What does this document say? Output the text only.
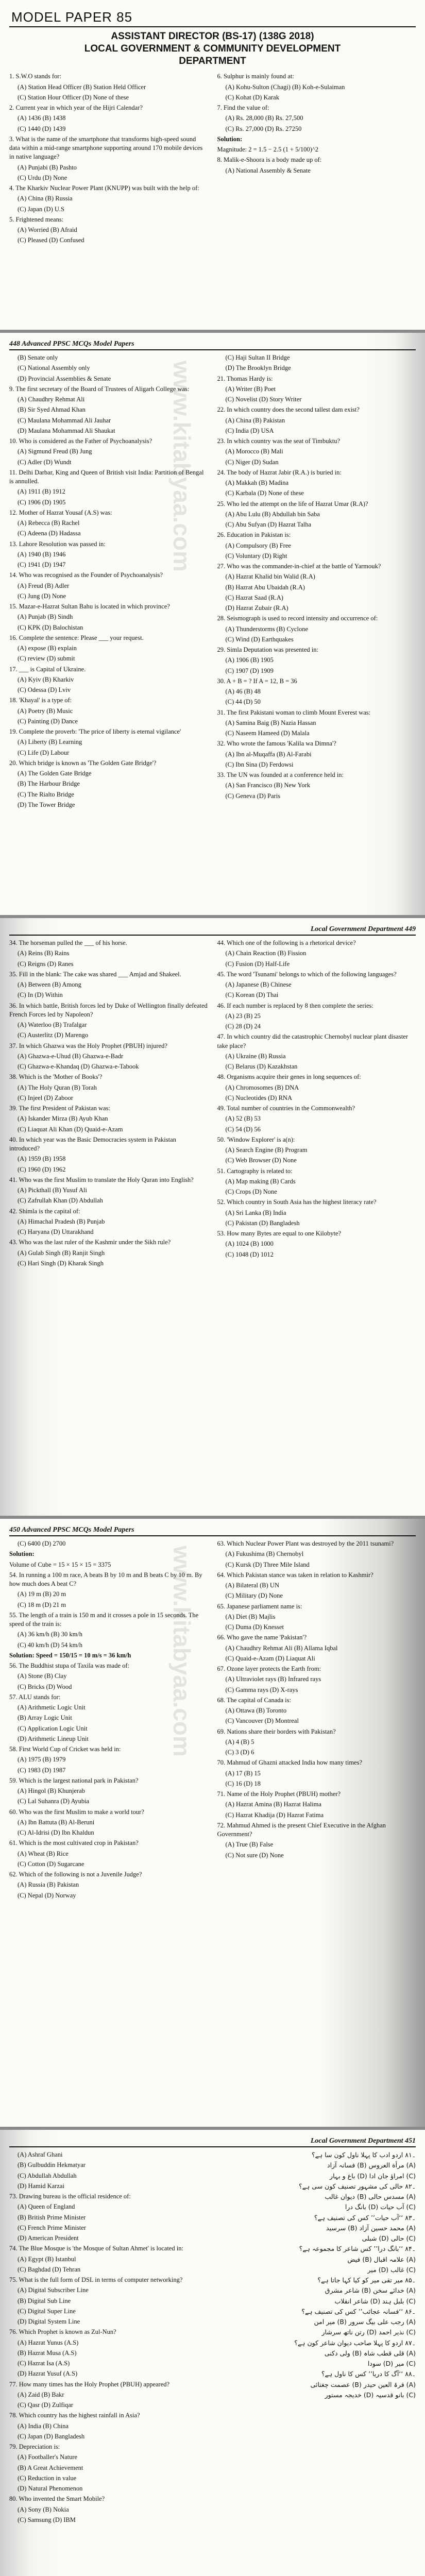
MODEL PAPER 85
ASSISTANT DIRECTOR (BS-17) (138G 2018)
LOCAL GOVERNMENT & COMMUNITY DEVELOPMENT
DEPARTMENT
1. S.W.O stands for:
(A) Station Head Officer (B) Station Held Officer
(C) Station Hour Officer (D) None of these
2. Current year in which year of the Hijri Calendar?
(A) 1436 (B) 1438
(C) 1440 (D) 1439
3. What is the name of the smartphone that transforms high-speed sound data within a mid-range smartphone supporting around 170 mobile devices in native language?
(A) Punjabi (B) Pashto
(C) Urdu (D) None
4. The Kharkiv Nuclear Power Plant (KNUPP) was built with the help of:
(A) China (B) Russia
(C) Japan (D) U.S
5. Frightened means:
(A) Worried (B) Afraid
(C) Pleased (D) Confused
6. Sulphur is mainly found at:
(A) Kohu-Sulton (Chagi) (B) Koh-e-Sulaiman
(C) Kohat (D) Karak
7. Find the value of:
(A) Rs. 28,000 (B) Rs. 27,500
(C) Rs. 27,000 (D) Rs. 27250
Solution:
Magnitude: 2 = 1.5 − 2.5 (1 + 5/100)^2
8. Malik-e-Shoora is a body made up of:
(A) National Assembly & Senate
448 Advanced PPSC MCQs Model Papers
(B) Senate only
(C) National Assembly only
(D) Provincial Assemblies & Senate
9. The first secretary of the Board of Trustees of Aligarh College was:
(A) Chaudhry Rehmat Ali
(B) Sir Syed Ahmad Khan
(C) Maulana Mohammad Ali Jauhar
(D) Maulana Mohammad Ali Shaukat
10. Who is considered as the Father of Psychoanalysis?
(A) Sigmund Freud (B) Jung
(C) Adler (D) Wundt
11. Delhi Darbar, King and Queen of British visit India: Partition of Bengal is annulled.
(A) 1911 (B) 1912
(C) 1906 (D) 1905
12. Mother of Hazrat Yousaf (A.S) was:
(A) Rebecca (B) Rachel
(C) Adeena (D) Hadassa
13. Lahore Resolution was passed in:
(A) 1940 (B) 1946
(C) 1941 (D) 1947
14. Who was recognised as the Founder of Psychoanalysis?
(A) Freud (B) Adler
(C) Jung (D) None
15. Mazar-e-Hazrat Sultan Bahu is located in which province?
(A) Punjab (B) Sindh
(C) KPK (D) Balochistan
16. Complete the sentence: Please ___ your request.
(A) expose (B) explain
(C) review (D) submit
17. ___ is Capital of Ukraine.
(A) Kyiv (B) Kharkiv
(C) Odessa (D) Lviv
18. 'Khayal' is a type of:
(A) Poetry (B) Music
(C) Painting (D) Dance
19. Complete the proverb: 'The price of liberty is eternal vigilance'
(A) Liberty (B) Learning
(C) Life (D) Labour
20. Which bridge is known as 'The Golden Gate Bridge'?
(A) The Golden Gate Bridge
(B) The Harbour Bridge
(C) The Rialto Bridge
(D) The Tower Bridge
(C) Haji Sultan II Bridge
(D) The Brooklyn Bridge
21. Thomas Hardy is:
(A) Writer (B) Poet
(C) Novelist (D) Story Writer
22. In which country does the second tallest dam exist?
(A) China (B) Pakistan
(C) India (D) USA
23. In which country was the seat of Timbuktu?
(A) Morocco (B) Mali
(C) Niger (D) Sudan
24. The body of Hazrat Jabir (R.A.) is buried in:
(A) Makkah (B) Madina
(C) Karbala (D) None of these
25. Who led the attempt on the life of Hazrat Umar (R.A)?
(A) Abu Lulu (B) Abdullah bin Saba
(C) Abu Sufyan (D) Hazrat Talha
26. Education in Pakistan is:
(A) Compulsory (B) Free
(C) Voluntary (D) Right
27. Who was the commander-in-chief at the battle of Yarmouk?
(A) Hazrat Khalid bin Walid (R.A)
(B) Hazrat Abu Ubaidah (R.A)
(C) Hazrat Saad (R.A)
(D) Hazrat Zubair (R.A)
28. Seismograph is used to record intensity and occurrence of:
(A) Thunderstorms (B) Cyclone
(C) Wind (D) Earthquakes
29. Simla Deputation was presented in:
(A) 1906 (B) 1905
(C) 1907 (D) 1909
30. A + B = ? If A = 12, B = 36
(A) 46 (B) 48
(C) 44 (D) 50
31. The first Pakistani woman to climb Mount Everest was:
(A) Samina Baig (B) Nazia Hassan
(C) Naseem Hameed (D) Malala
32. Who wrote the famous 'Kalila wa Dimna'?
(A) Ibn al-Muqaffa (B) Al-Farabi
(C) Ibn Sina (D) Ferdowsi
33. The UN was founded at a conference held in:
(A) San Francisco (B) New York
(C) Geneva (D) Paris
Local Government Department 449
34. The horseman pulled the ___ of his horse.
(A) Reins (B) Rains
(C) Reigns (D) Ranes
35. Fill in the blank: The cake was shared ___ Amjad and Shakeel.
(A) Between (B) Among
(C) In (D) Within
36. In which battle, British forces led by Duke of Wellington finally defeated French Forces led by Napoleon?
(A) Waterloo (B) Trafalgar
(C) Austerlitz (D) Marengo
37. In which Ghazwa was the Holy Prophet (PBUH) injured?
(A) Ghazwa-e-Uhud (B) Ghazwa-e-Badr
(C) Ghazwa-e-Khandaq (D) Ghazwa-e-Tabook
38. Which is the 'Mother of Books'?
(A) The Holy Quran (B) Torah
(C) Injeel (D) Zaboor
39. The first President of Pakistan was:
(A) Iskander Mirza (B) Ayub Khan
(C) Liaquat Ali Khan (D) Quaid-e-Azam
40. In which year was the Basic Democracies system in Pakistan introduced?
(A) 1959 (B) 1958
(C) 1960 (D) 1962
41. Who was the first Muslim to translate the Holy Quran into English?
(A) Pickthall (B) Yusuf Ali
(C) Zafrullah Khan (D) Abdullah
42. Shimla is the capital of:
(A) Himachal Pradesh (B) Punjab
(C) Haryana (D) Uttarakhand
43. Who was the last ruler of the Kashmir under the Sikh rule?
(A) Gulab Singh (B) Ranjit Singh
(C) Hari Singh (D) Kharak Singh
44. Which one of the following is a rhetorical device?
(A) Chain Reaction (B) Fission
(C) Fusion (D) Half-Life
45. The word 'Tsunami' belongs to which of the following languages?
(A) Japanese (B) Chinese
(C) Korean (D) Thai
46. If each number is replaced by 8 then complete the series:
(A) 23 (B) 25
(C) 28 (D) 24
47. In which country did the catastrophic Chernobyl nuclear plant disaster take place?
(A) Ukraine (B) Russia
(C) Belarus (D) Kazakhstan
48. Organisms acquire their genes in long sequences of:
(A) Chromosomes (B) DNA
(C) Nucleotides (D) RNA
49. Total number of countries in the Commonwealth?
(A) 52 (B) 53
(C) 54 (D) 56
50. 'Window Explorer' is a(n):
(A) Search Engine (B) Program
(C) Web Browser (D) None
51. Cartography is related to:
(A) Map making (B) Cards
(C) Crops (D) None
52. Which country in South Asia has the highest literacy rate?
(A) Sri Lanka (B) India
(C) Pakistan (D) Bangladesh
53. How many Bytes are equal to one Kilobyte?
(A) 1024 (B) 1000
(C) 1048 (D) 1012
450 Advanced PPSC MCQs Model Papers
(C) 6400 (D) 2700
Solution:
Volume of Cube = 15 × 15 × 15 = 3375
54. In running a 100 m race, A beats B by 10 m and B beats C by 10 m. By how much does A beat C?
(A) 19 m (B) 20 m
(C) 18 m (D) 21 m
55. The length of a train is 150 m and it crosses a pole in 15 seconds. The speed of the train is:
(A) 36 km/h (B) 30 km/h
(C) 40 km/h (D) 54 km/h
Solution: Speed = 150/15 = 10 m/s = 36 km/h
56. The Buddhist stupa of Taxila was made of:
(A) Stone (B) Clay
(C) Bricks (D) Wood
57. ALU stands for:
(A) Arithmetic Logic Unit
(B) Array Logic Unit
(C) Application Logic Unit
(D) Arithmetic Lineup Unit
58. First World Cup of Cricket was held in:
(A) 1975 (B) 1979
(C) 1983 (D) 1987
59. Which is the largest national park in Pakistan?
(A) Hingol (B) Khunjerab
(C) Lal Suhanra (D) Ayubia
60. Who was the first Muslim to make a world tour?
(A) Ibn Battuta (B) Al-Beruni
(C) Al-Idrisi (D) Ibn Khaldun
61. Which is the most cultivated crop in Pakistan?
(A) Wheat (B) Rice
(C) Cotton (D) Sugarcane
62. Which of the following is not a Juvenile Judge?
(A) Russia (B) Pakistan
(C) Nepal (D) Norway
63. Which Nuclear Power Plant was destroyed by the 2011 tsunami?
(A) Fukushima (B) Chernobyl
(C) Kursk (D) Three Mile Island
64. Which Pakistan stance was taken in relation to Kashmir?
(A) Bilateral (B) UN
(C) Military (D) None
65. Japanese parliament name is:
(A) Diet (B) Majlis
(C) Duma (D) Knesset
66. Who gave the name 'Pakistan'?
(A) Chaudhry Rehmat Ali (B) Allama Iqbal
(C) Quaid-e-Azam (D) Liaquat Ali
67. Ozone layer protects the Earth from:
(A) Ultraviolet rays (B) Infrared rays
(C) Gamma rays (D) X-rays
68. The capital of Canada is:
(A) Ottawa (B) Toronto
(C) Vancouver (D) Montreal
69. Nations share their borders with Pakistan?
(A) 4 (B) 5
(C) 3 (D) 6
70. Mahmud of Ghazni attacked India how many times?
(A) 17 (B) 15
(C) 16 (D) 18
71. Name of the Holy Prophet (PBUH) mother?
(A) Hazrat Amina (B) Hazrat Halima
(C) Hazrat Khadija (D) Hazrat Fatima
72. Mahmud Ahmed is the present Chief Executive in the Afghan Government?
(A) True (B) False
(C) Not sure (D) None
Local Government Department 451
(A) Ashraf Ghani
(B) Gulbuddin Hekmatyar
(C) Abdullah Abdullah
(D) Hamid Karzai
73. Drawing bureau is the official residence of:
(A) Queen of England
(B) British Prime Minister
(C) French Prime Minister
(D) American President
74. The Blue Mosque is 'the Mosque of Sultan Ahmet' is located in:
(A) Egypt (B) Istanbul
(C) Baghdad (D) Tehran
75. What is the full form of DSL in terms of computer networking?
(A) Digital Subscriber Line
(B) Digital Sub Line
(C) Digital Super Line
(D) Digital System Line
76. Which Prophet is known as Zul-Nun?
(A) Hazrat Yunus (A.S)
(B) Hazrat Musa (A.S)
(C) Hazrat Isa (A.S)
(D) Hazrat Yusuf (A.S)
77. How many times has the Holy Prophet (PBUH) appeared?
(A) Zaid (B) Bakr
(C) Qasr (D) Zulfiqar
78. Which country has the highest rainfall in Asia?
(A) India (B) China
(C) Japan (D) Bangladesh
79. Depreciation is:
(A) Footballer's Nature
(B) A Great Achievement
(C) Reduction in value
(D) Natural Phenomenon
80. Who invented the Smart Mobile?
(A) Sony (B) Nokia
(C) Samsung (D) IBM
۔۸۱ اردو ادب کا پہلا ناول کون سا ہے؟
(A) مرأة العروس (B) فسانہ آزاد
(C) امراؤ جان ادا (D) باغ و بہار
۔۸۲ حالی کی مشہور تصنیف کون سی ہے؟
(A) مسدس حالی (B) دیوان غالب
(C) آب حیات (D) بانگ درا
۔۸۳ ‘‘آب حیات’’ کس کی تصنیف ہے؟
(A) محمد حسین آزاد (B) سرسید
(C) حالی (D) شبلی
۔۸۴ ‘‘بانگ درا’’ کس شاعر کا مجموعہ ہے؟
(A) علامہ اقبال (B) فیض
(C) غالب (D) میر
۔۸۵ میر تقی میر کو کیا کہا جاتا ہے؟
(A) خدائے سخن (B) شاعر مشرق
(C) بلبل ہند (D) شاعر انقلاب
۔۸۶ ‘‘فسانہ عجائب’’ کس کی تصنیف ہے؟
(A) رجب علی بیگ سرور (B) میر امن
(C) نذیر احمد (D) رتن ناتھ سرشار
۔۸۷ اردو کا پہلا صاحب دیوان شاعر کون ہے؟
(A) قلی قطب شاہ (B) ولی دکنی
(C) میر (D) سودا
۔۸۸ ‘‘آگ کا دریا’’ کس کا ناول ہے؟
(A) قرۃ العین حیدر (B) عصمت چغتائی
(C) بانو قدسیہ (D) خدیجہ مستور
